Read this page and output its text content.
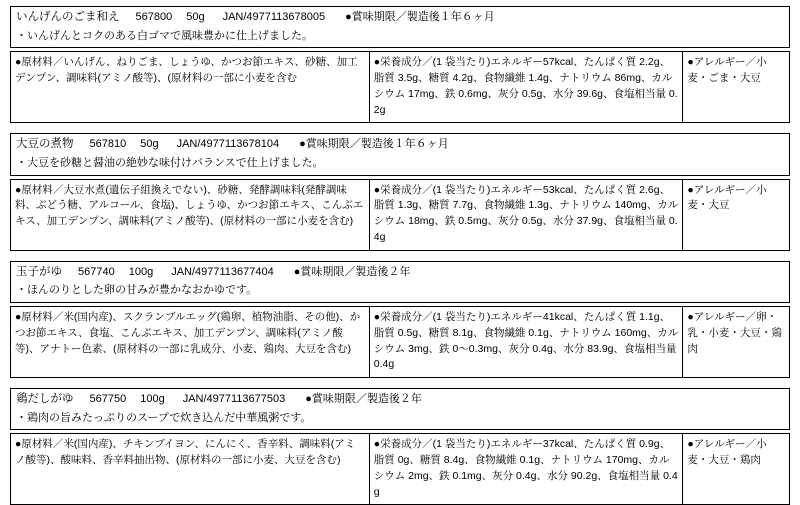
いんげんのごま和え 567800 50g JAN/4977113678005 ●賞味期限／製造後１年６ヶ月
・いんげんとコクのある白ゴマで風味豊かに仕上げました。
●原材料／いんげん、ねりごま、しょうゆ、かつお節エキス、砂糖、加工デンプン、調味料(アミノ酸等)、(原材料の一部に小麦を含む	●栄養成分／(1 袋当たり)エネルギー57kcal、たんぱく質 2.2g、脂質 3.5g、糖質 4.2g、食物繊維 1.4g、ナトリウム 86mg、カルシウム 17mg、鉄 0.6mg、灰分 0.5g、水分 39.6g、食塩相当量 0.2g	●アレルギー／小麦・ごま・大豆
大豆の煮物 567810 50g JAN/4977113678104 ●賞味期限／製造後１年６ヶ月
・大豆を砂糖と醤油の絶妙な味付けバランスで仕上げました。
●原材料／大豆水煮(遺伝子組換えでない)、砂糖、発酵調味料(発酵調味料、ぶどう糖、アルコール、食塩)、しょうゆ、かつお節エキス、こんぶエキス、加工デンプン、調味料(アミノ酸等)、(原材料の一部に小麦を含む)	●栄養成分／(1 袋当たり)エネルギー53kcal、たんぱく質 2.6g、脂質 1.3g、糖質 7.7g、食物繊維 1.3g、ナトリウム 140mg、カルシウム 18mg、鉄 0.5mg、灰分 0.5g、水分 37.9g、食塩相当量 0.4g	●アレルギー／小麦・大豆
玉子がゆ 567740 100g JAN/4977113677404 ●賞味期限／製造後２年
・ほんのりとした卵の甘みが豊かなおかゆです。
●原材料／米(国内産)、スクランブルエッグ(鶏卵、植物油脂、その他)、かつお節エキス、食塩、こんぶエキス、加工デンプン、調味料(アミノ酸等)、アナトー色素、(原材料の一部に乳成分、小麦、鶏肉、大豆を含む)	●栄養成分／(1 袋当たり)エネルギー41kcal、たんぱく質 1.1g、脂質 0.5g、糖質 8.1g、食物繊維 0.1g、ナトリウム 160mg、カルシウム 3mg、鉄 0～0.3mg、灰分 0.4g、水分 83.9g、食塩相当量 0.4g	●アレルギー／卵・乳・小麦・大豆・鶏肉
鶏だしがゆ 567750 100g JAN/4977113677503 ●賞味期限／製造後２年
・鶏肉の旨みたっぷりのスープで炊き込んだ中華風粥です。
●原材料／米(国内産)、チキンブイヨン、にんにく、香辛料、調味料(アミノ酸等)、酸味料、香辛料抽出物、(原材料の一部に小麦、大豆を含む)	●栄養成分／(1 袋当たり)エネルギー37kcal、たんぱく質 0.9g、脂質 0g、糖質 8.4g、食物繊維 0.1g、ナトリウム 170mg、カルシウム 2mg、鉄 0.1mg、灰分 0.4g、水分 90.2g、食塩相当量 0.4g	●アレルギー／小麦・大豆・鶏肉
